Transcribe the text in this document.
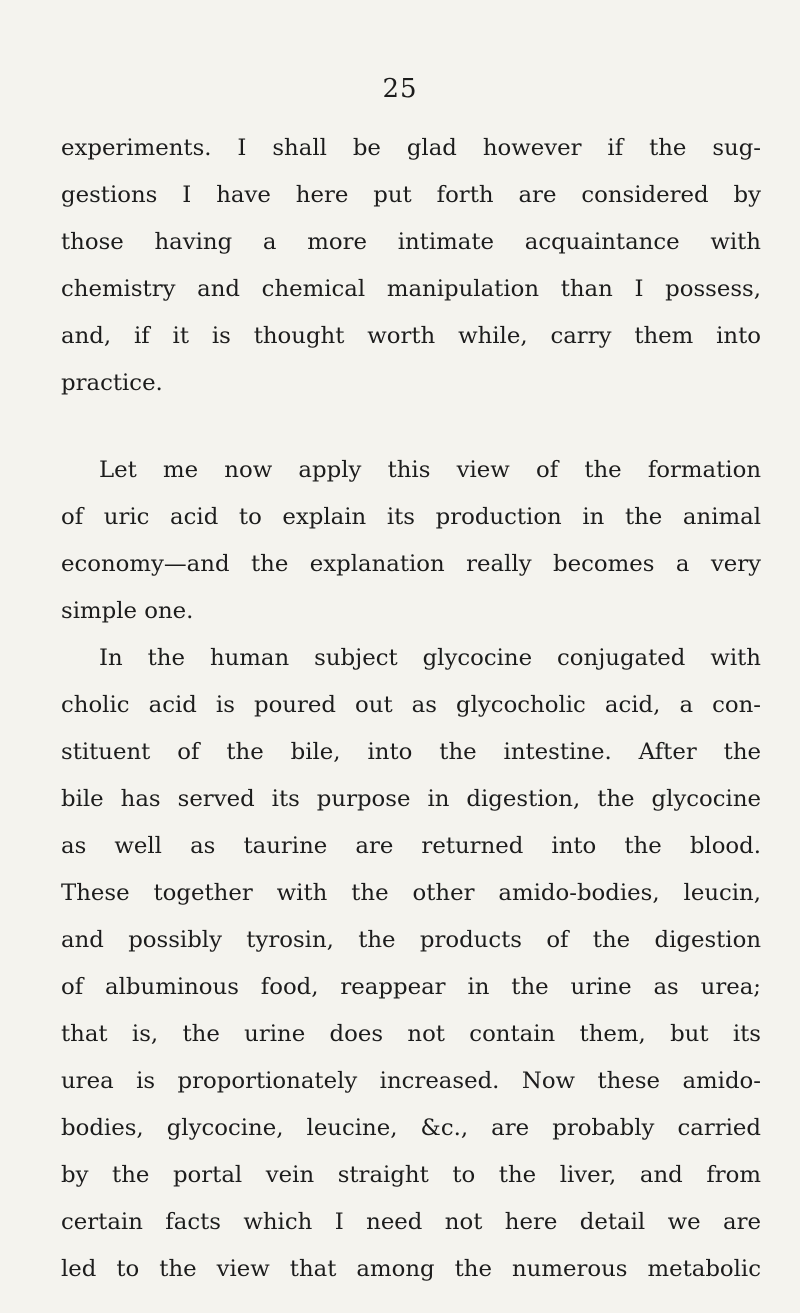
25
experiments. I shall be glad however if the sug-
gestions I have here put forth are considered by
those having a more intimate acquaintance with
chemistry and chemical manipulation than I possess,
and, if it is thought worth while, carry them into
practice.
Let me now apply this view of the formation
of uric acid to explain its production in the animal
economy—and the explanation really becomes a very
simple one.
In the human subject glycocine conjugated with
cholic acid is poured out as glycocholic acid, a con-
stituent of the bile, into the intestine. After the
bile has served its purpose in digestion, the glycocine
as well as taurine are returned into the blood.
These together with the other amido-bodies, leucin,
and possibly tyrosin, the products of the digestion
of albuminous food, reappear in the urine as urea;
that is, the urine does not contain them, but its
urea is proportionately increased. Now these amido-
bodies, glycocine, leucine, &c., are probably carried
by the portal vein straight to the liver, and from
certain facts which I need not here detail we are
led to the view that among the numerous metabolic
